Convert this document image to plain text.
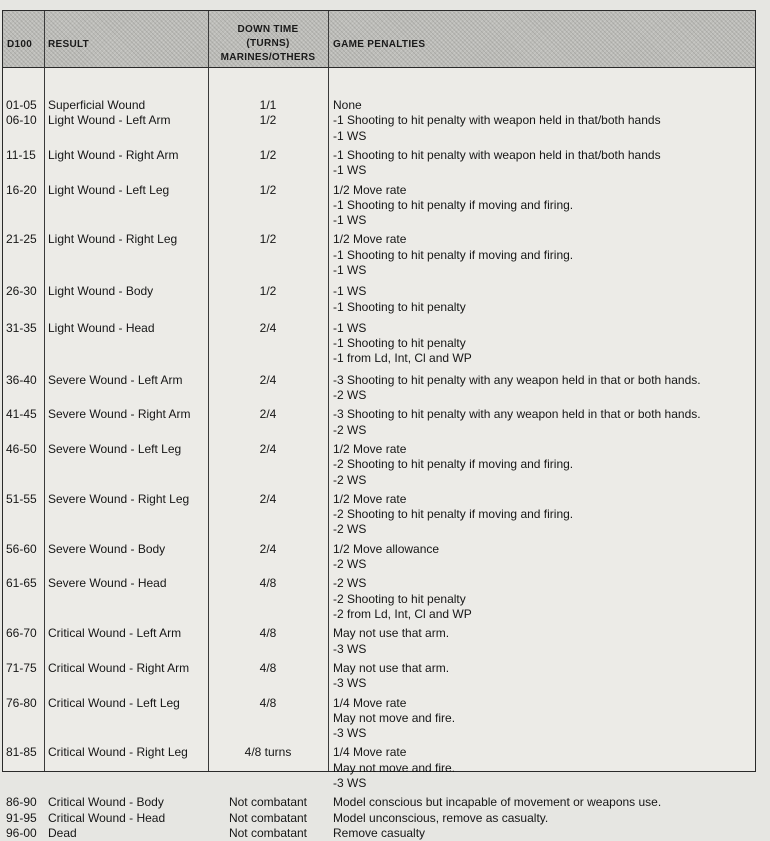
D100 RESULT
DOWN TIME
(TURNS)
MARINES/OTHERS
GAME PENALTIES
01-05 Superficial Wound	1/1	None
06-10 Light Wound - Left Arm	1/2	-1 Shooting to hit penalty with weapon held in that/both hands
-1 WS
11-15	Light Wound - Right Arm	1/2	-1 Shooting to hit penalty with weapon held in that/both hands
-1 WS
16-20 Light Wound - Left Leg	1/2	1/2 Move rate
-1 Shooting to hit penalty if moving and firing.
-1 WS
21-25 Light Wound - Right Leg	1/2	1/2 Move rate
-1 Shooting to hit penalty if moving and firing.
-1 WS
26-30 Light Wound - Body	1/2	-1 WS
-1 Shooting to hit penalty
31-35 Light Wound - Head	2/4	-1 WS
-1 Shooting to hit penalty
-1 from Ld, Int, Cl and WP
36-40 Severe Wound - Left Arm	2/4	-3 Shooting to hit penalty with any weapon held in that or both hands.
-2 WS
41-45 Severe Wound - Right Arm	2/4	-3 Shooting to hit penalty with any weapon held in that or both hands.
-2 WS
46-50 Severe Wound - Left Leg	2/4	1/2 Move rate
-2 Shooting to hit penalty if moving and firing.
-2 WS
51-55 Severe Wound - Right Leg	2/4	1/2 Move rate
-2 Shooting to hit penalty if moving and firing.
-2 WS
56-60 Severe Wound - Body	2/4	1/2 Move allowance
-2 WS
61-65 Severe Wound - Head	4/8	-2 WS
-2 Shooting to hit penalty
-2 from Ld, Int, Cl and WP
66-70 Critical Wound - Left Arm	4/8	May not use that arm.
-3 WS
71-75 Critical Wound - Right Arm	4/8	May not use that arm.
-3 WS
76-80 Critical Wound - Left Leg	4/8	1/4 Move rate
May not move and fire.
-3 WS
81-85 Critical Wound - Right Leg	4/8 turns	1/4 Move rate
May not move and fire.
-3 WS
86-90 Critical Wound - Body	Not combatant	Model conscious but incapable of movement or weapons use.
91-95 Critical Wound - Head	Not combatant	Model unconscious, remove as casualty.
96-00 Dead	Not combatant	Remove casualty
